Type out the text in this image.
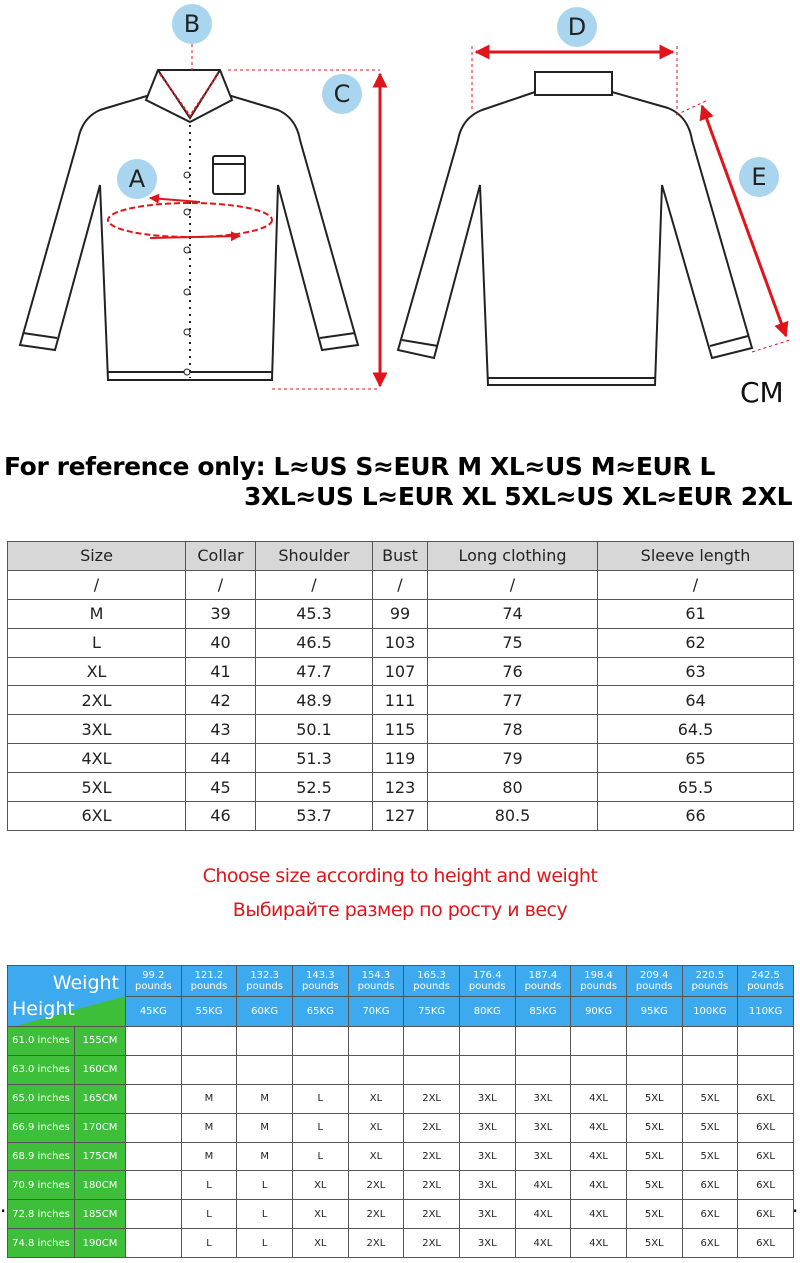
B
C
A
D
E
CM
For reference only: L≈US S≈EUR M XL≈US M≈EUR L
3XL≈US L≈EUR XL 5XL≈US XL≈EUR 2XL
Size	Collar	Shoulder	Bust	Long clothing	Sleeve length
/	/	/	/	/	/
M	39	45.3	99	74	61
L	40	46.5	103	75	62
XL	41	47.7	107	76	63
2XL	42	48.9	111	77	64
3XL	43	50.1	115	78	64.5
4XL	44	51.3	119	79	65
5XL	45	52.5	123	80	65.5
6XL	46	53.7	127	80.5	66
Choose size according to height and weight
Выбирайте размер по росту и весу
Weight
Height		99.2 pounds	121.2 pounds	132.3 pounds	143.3 pounds	154.3 pounds	165.3 pounds	176.4 pounds	187.4 pounds	198.4 pounds	209.4 pounds	220.5 pounds	242.5 pounds
		45KG	55KG	60KG	65KG	70KG	75KG	80KG	85KG	90KG	95KG	100KG	110KG
61.0 inches	155CM												
63.0 inches	160CM												
65.0 inches	165CM		M	M	L	XL	2XL	3XL	3XL	4XL	5XL	5XL	6XL
66.9 inches	170CM		M	M	L	XL	2XL	3XL	3XL	4XL	5XL	5XL	6XL
68.9 inches	175CM		M	M	L	XL	2XL	3XL	3XL	4XL	5XL	5XL	6XL
70.9 inches	180CM		L	L	XL	2XL	2XL	3XL	4XL	4XL	5XL	6XL	6XL
72.8 inches	185CM		L	L	XL	2XL	2XL	3XL	4XL	4XL	5XL	6XL	6XL
74.8 inches	190CM		L	L	XL	2XL	2XL	3XL	4XL	4XL	5XL	6XL	6XL
.	.
